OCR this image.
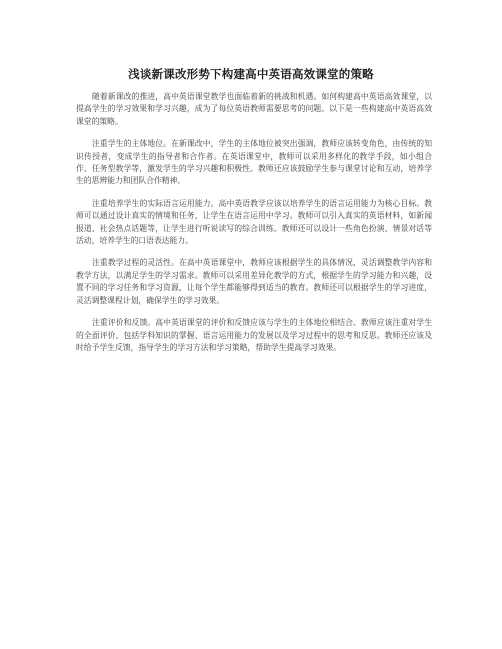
浅谈新课改形势下构建高中英语高效课堂的策略

随着新课改的推进，高中英语课堂教学也面临着新的挑战和机遇。如何构建高中英语高效课堂，以提高学生的学习效果和学习兴趣，成为了每位英语教师需要思考的问题。以下是一些构建高中英语高效课堂的策略。

注重学生的主体地位。在新课改中，学生的主体地位被突出强调，教师应该转变角色，由传统的知识传授者，变成学生的指导者和合作者。在英语课堂中，教师可以采用多样化的教学手段，如小组合作、任务型教学等，激发学生的学习兴趣和积极性。教师还应该鼓励学生参与课堂讨论和互动，培养学生的思辨能力和团队合作精神。

注重培养学生的实际语言运用能力。高中英语教学应该以培养学生的语言运用能力为核心目标。教师可以通过设计真实的情境和任务，让学生在语言运用中学习。教师可以引入真实的英语材料，如新闻报道、社会热点话题等，让学生进行听说读写的综合训练。教师还可以设计一些角色扮演、情景对话等活动，培养学生的口语表达能力。

注重教学过程的灵活性。在高中英语课堂中，教师应该根据学生的具体情况，灵活调整教学内容和教学方法，以满足学生的学习需求。教师可以采用差异化教学的方式，根据学生的学习能力和兴趣，设置不同的学习任务和学习资源，让每个学生都能够得到适当的教育。教师还可以根据学生的学习进度，灵活调整课程计划，确保学生的学习效果。

注重评价和反馈。高中英语课堂的评价和反馈应该与学生的主体地位相结合。教师应该注重对学生的全面评价，包括学科知识的掌握、语言运用能力的发展以及学习过程中的思考和反思。教师还应该及时给予学生反馈，指导学生的学习方法和学习策略，帮助学生提高学习效果。
